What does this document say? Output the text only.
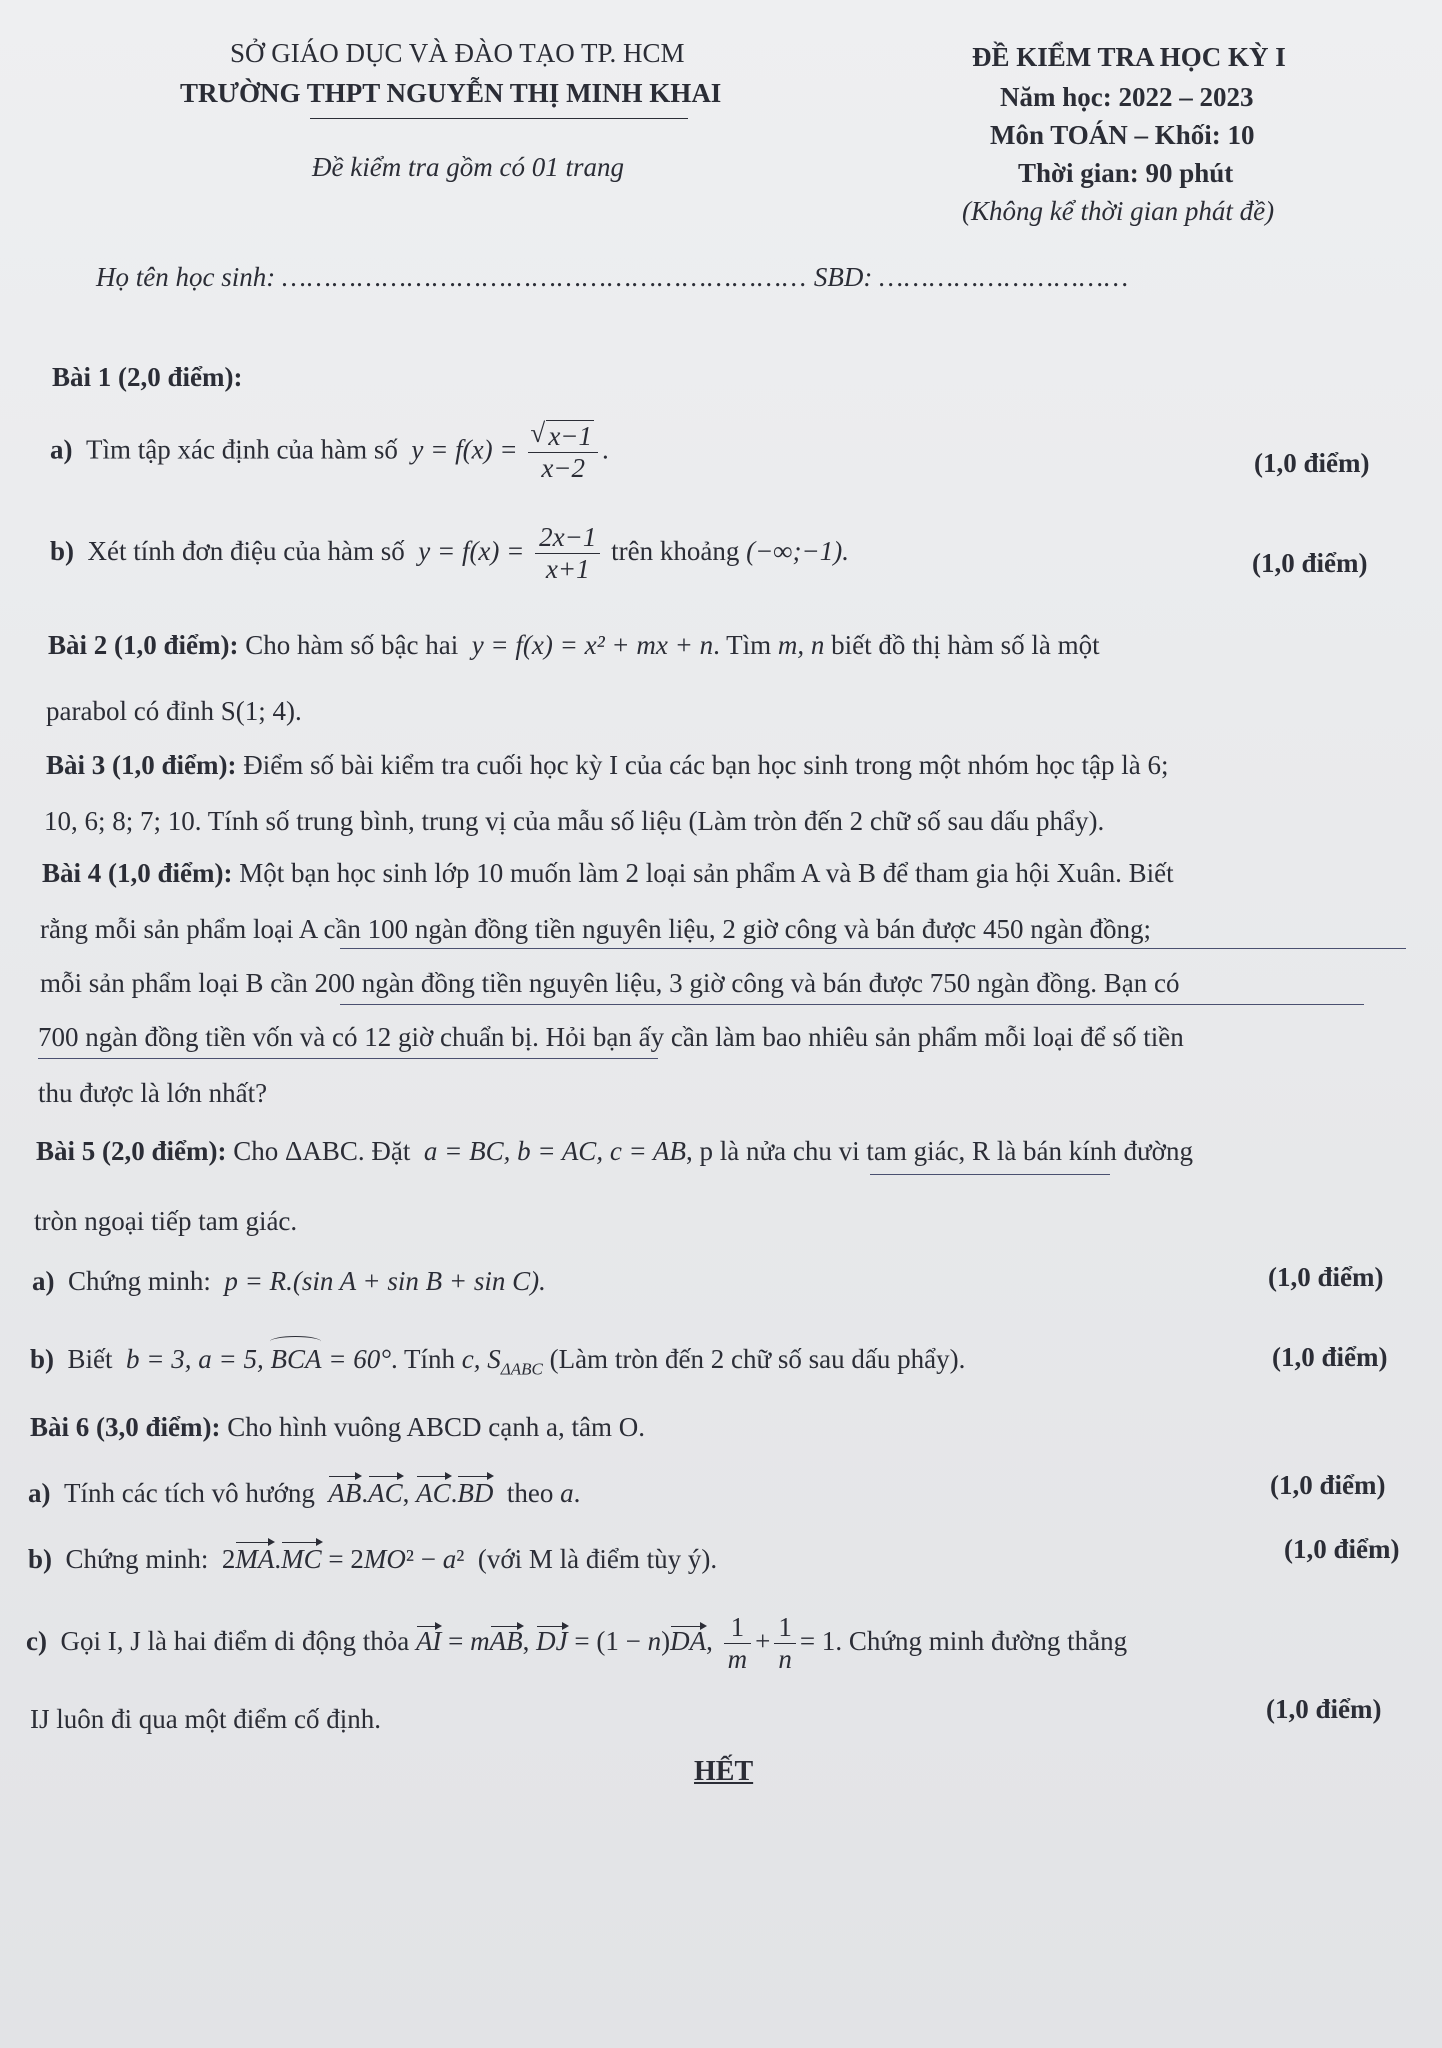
SỞ GIÁO DỤC VÀ ĐÀO TẠO TP. HCM
TRƯỜNG THPT NGUYỄN THỊ MINH KHAI
Đề kiểm tra gồm có 01 trang
ĐỀ KIỂM TRA HỌC KỲ I
Năm học: 2022 – 2023
Môn TOÁN – Khối: 10
Thời gian: 90 phút
(Không kể thời gian phát đề)
Họ tên học sinh: ……………………………………………………… SBD: …………………………
Bài 1 (2,0 điểm):
a) Tìm tập xác định của hàm số y = f(x) =
√ $\frac{x-1}{x-2}$ .	(1,0 điểm)
b) Xét tính đơn điệu của hàm số $y = f(x) = \frac{2x-1}{x+1}$ trên khoảng (−∞;−1).	(1,0 điểm)
Bài 2 (1,0 điểm): Cho hàm số bậc hai y = f(x) = x² + mx + n. Tìm m, n biết đồ thị hàm số là một
parabol có đỉnh S(1; 4).
Bài 3 (1,0 điểm): Điểm số bài kiểm tra cuối học kỳ I của các bạn học sinh trong một nhóm học tập là 6;
10, 6; 8; 7; 10. Tính số trung bình, trung vị của mẫu số liệu (Làm tròn đến 2 chữ số sau dấu phẩy).
Bài 4 (1,0 điểm): Một bạn học sinh lớp 10 muốn làm 2 loại sản phẩm A và B để tham gia hội Xuân. Biết
rằng mỗi sản phẩm loại A cần 100 ngàn đồng tiền nguyên liệu, 2 giờ công và bán được 450 ngàn đồng;
mỗi sản phẩm loại B cần 200 ngàn đồng tiền nguyên liệu, 3 giờ công và bán được 750 ngàn đồng. Bạn có
700 ngàn đồng tiền vốn và có 12 giờ chuẩn bị. Hỏi bạn ấy cần làm bao nhiêu sản phẩm mỗi loại để số tiền
thu được là lớn nhất?
Bài 5 (2,0 điểm): Cho ΔABC. Đặt a = BC, b = AC, c = AB, p là nửa chu vi tam giác, R là bán kính đường
tròn ngoại tiếp tam giác.
a) Chứng minh: p = R.(sin A + sin B + sin C).	(1,0 điểm)
b) Biết b = 3, a = 5, BCA = 60°. Tính c, $S_{\Delta ABC}$ (Làm tròn đến 2 chữ số sau dấu phẩy).	(1,0 điểm)
Bài 6 (3,0 điểm): Cho hình vuông ABCD cạnh a, tâm O.
a) Tính các tích vô hướng AB.AC, AC.BD theo a.	(1,0 điểm)
b) Chứng minh: 2MA.MC = 2MO² − a² (với M là điểm tùy ý).	(1,0 điểm)
c) Gọi I, J là hai điểm di động thỏa AI = mAB, DJ = (1 − n)DA, $\frac{1}{m} + \frac{1}{n} = 1$. Chứng minh đường thẳng
IJ luôn đi qua một điểm cố định.	(1,0 điểm)
HẾT
